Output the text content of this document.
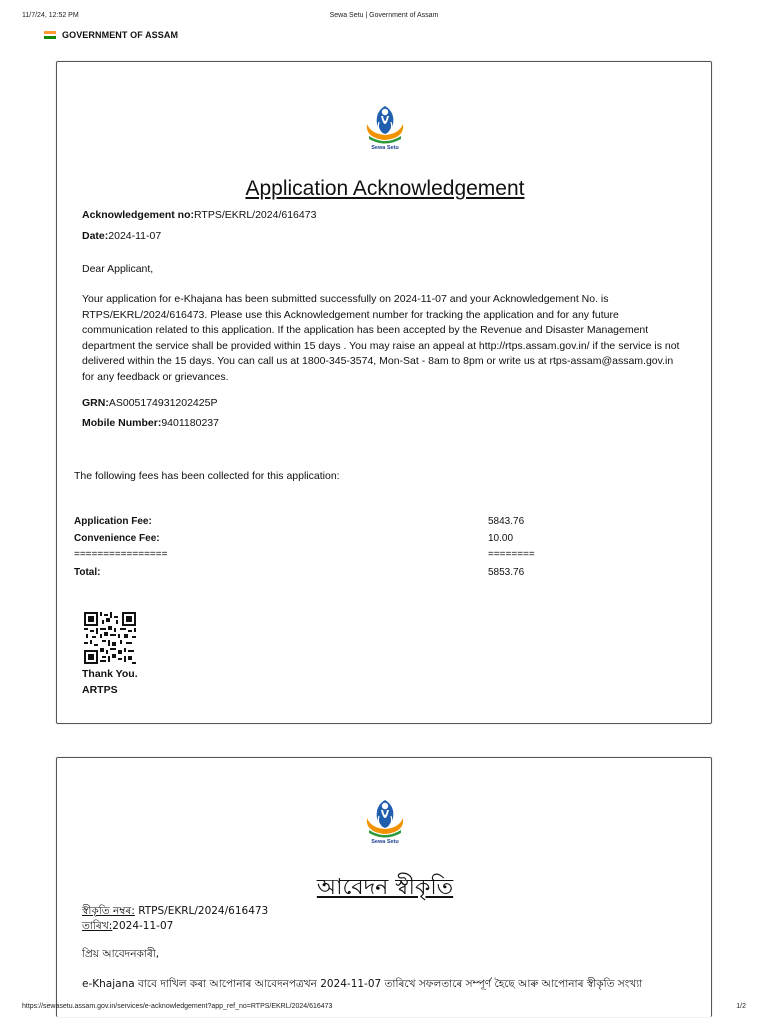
11/7/24, 12:52 PM	Sewa Setu | Government of Assam
GOVERNMENT OF ASSAM
Sewa Setu
Application Acknowledgement
Acknowledgement no:RTPS/EKRL/2024/616473
Date:2024-11-07
Dear Applicant,
Your application for e-Khajana has been submitted successfully on 2024-11-07 and your Acknowledgement No. is RTPS/EKRL/2024/616473. Please use this Acknowledgement number for tracking the application and for any future communication related to this application. If the application has been accepted by the Revenue and Disaster Management department the service shall be provided within 15 days . You may raise an appeal at http://rtps.assam.gov.in/ if the service is not delivered within the 15 days. You can call us at 1800-345-3574, Mon-Sat - 8am to 8pm or write us at rtps-assam@assam.gov.in for any feedback or grievances.
GRN:AS005174931202425P
Mobile Number:9401180237
The following fees has been collected for this application:
Application Fee:	5843.76
Convenience Fee:	10.00
================	========
Total:	5853.76
Thank You.
ARTPS
Sewa Setu
আবেদন স্বীকৃতি
স্বীকৃতি নম্বৰ: RTPS/EKRL/2024/616473
তাৰিখ:2024-11-07
প্ৰিয় আবেদনকাৰী,
e-Khajana বাবে দাখিল কৰা আপোনাৰ আবেদনপত্ৰখন 2024-11-07 তাৰিখে সফলতাৰে সম্পূৰ্ণ হৈছে আৰু আপোনাৰ স্বীকৃতি সংখ্যা
https://sewasetu.assam.gov.in/services/e-acknowledgement?app_ref_no=RTPS/EKRL/2024/616473	1/2
